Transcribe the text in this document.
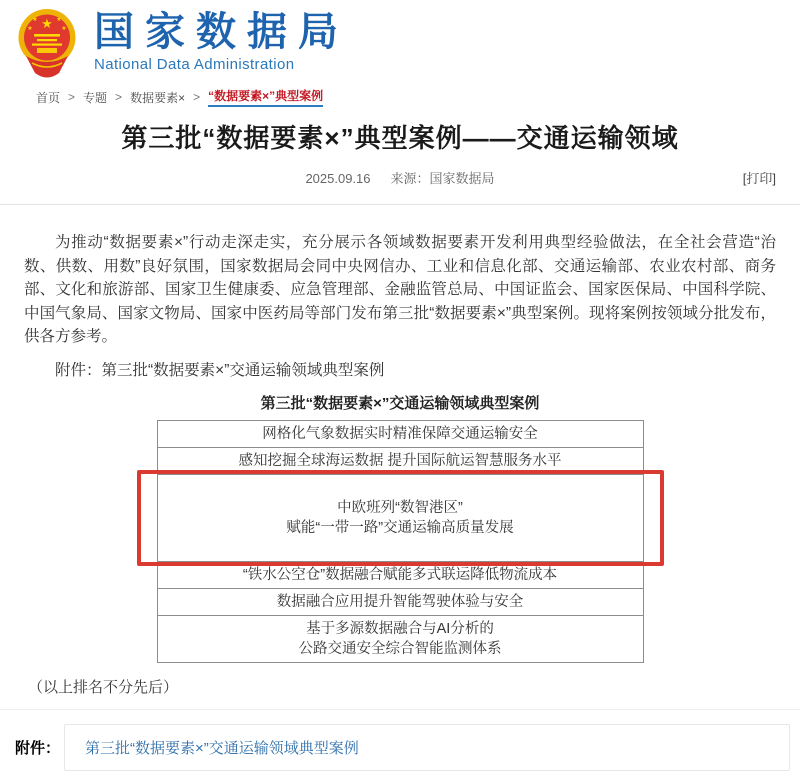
★
★	★
★	★ 国家数据局
National Data Administration
首页 > 专题 > 数据要素× > “数据要素×”典型案例
第三批“数据要素×”典型案例——交通运输领域
2025.09.16 来源：国家数据局	[打印]

为推动“数据要素×”行动走深走实，充分展示各领域数据要素开发利用典型经验做法，在全社会营造“治数、供数、用数”良好氛围，国家数据局会同中央网信办、工业和信息化部、交通运输部、农业农村部、商务部、文化和旅游部、国家卫生健康委、应急管理部、金融监管总局、中国证监会、国家医保局、中国科学院、中国气象局、国家文物局、国家中医药局等部门发布第三批“数据要素×”典型案例。现将案例按领域分批发布，供各方参考。

附件：第三批“数据要素×”交通运输领域典型案例

第三批“数据要素×”交通运输领域典型案例
网格化气象数据实时精准保障交通运输安全
感知挖掘全球海运数据 提升国际航运智慧服务水平

中欧班列“数智港区”
赋能“一带一路”交通运输高质量发展

“铁水公空仓”数据融合赋能多式联运降低物流成本
数据融合应用提升智能驾驶体验与安全
基于多源数据融合与AI分析的
公路交通安全综合智能监测体系

（以上排名不分先后）

附件：	第三批“数据要素×”交通运输领域典型案例
